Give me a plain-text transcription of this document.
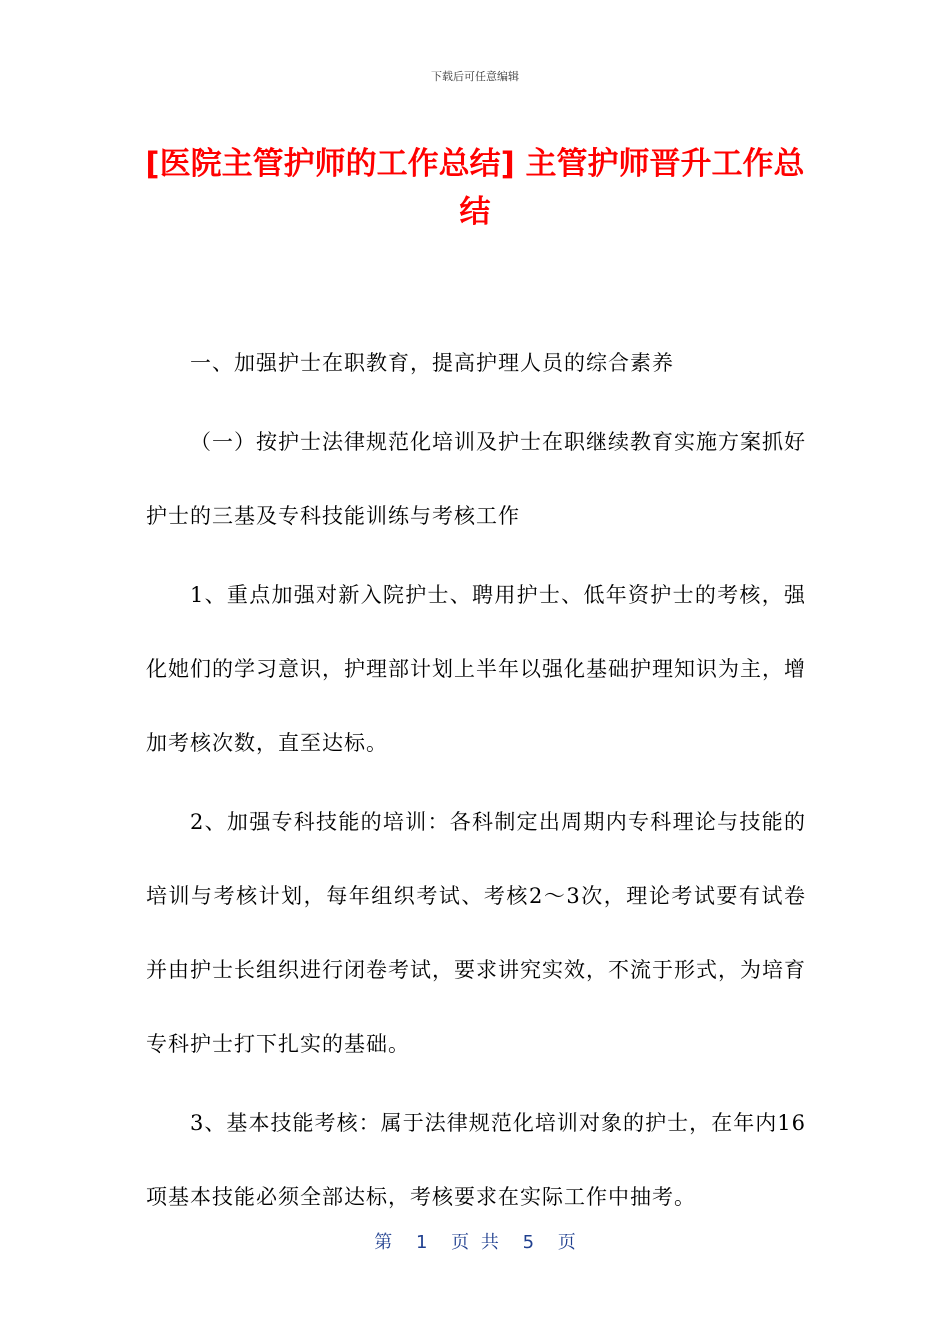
下载后可任意编辑
[医院主管护师的工作总结] 主管护师晋升工作总结

一、加强护士在职教育，提高护理人员的综合素养

（一）按护士法律规范化培训及护士在职继续教育实施方案抓好护士的三基及专科技能训练与考核工作

1、重点加强对新入院护士、聘用护士、低年资护士的考核，强化她们的学习意识，护理部计划上半年以强化基础护理知识为主，增加考核次数，直至达标。

2、加强专科技能的培训：各科制定出周期内专科理论与技能的培训与考核计划，每年组织考试、考核2～3次，理论考试要有试卷并由护士长组织进行闭卷考试，要求讲究实效，不流于形式，为培育专科护士打下扎实的基础。

3、基本技能考核：属于法律规范化培训对象的护士，在年内16项基本技能必须全部达标，考核要求在实际工作中抽考。

第 1 页 共 5 页
